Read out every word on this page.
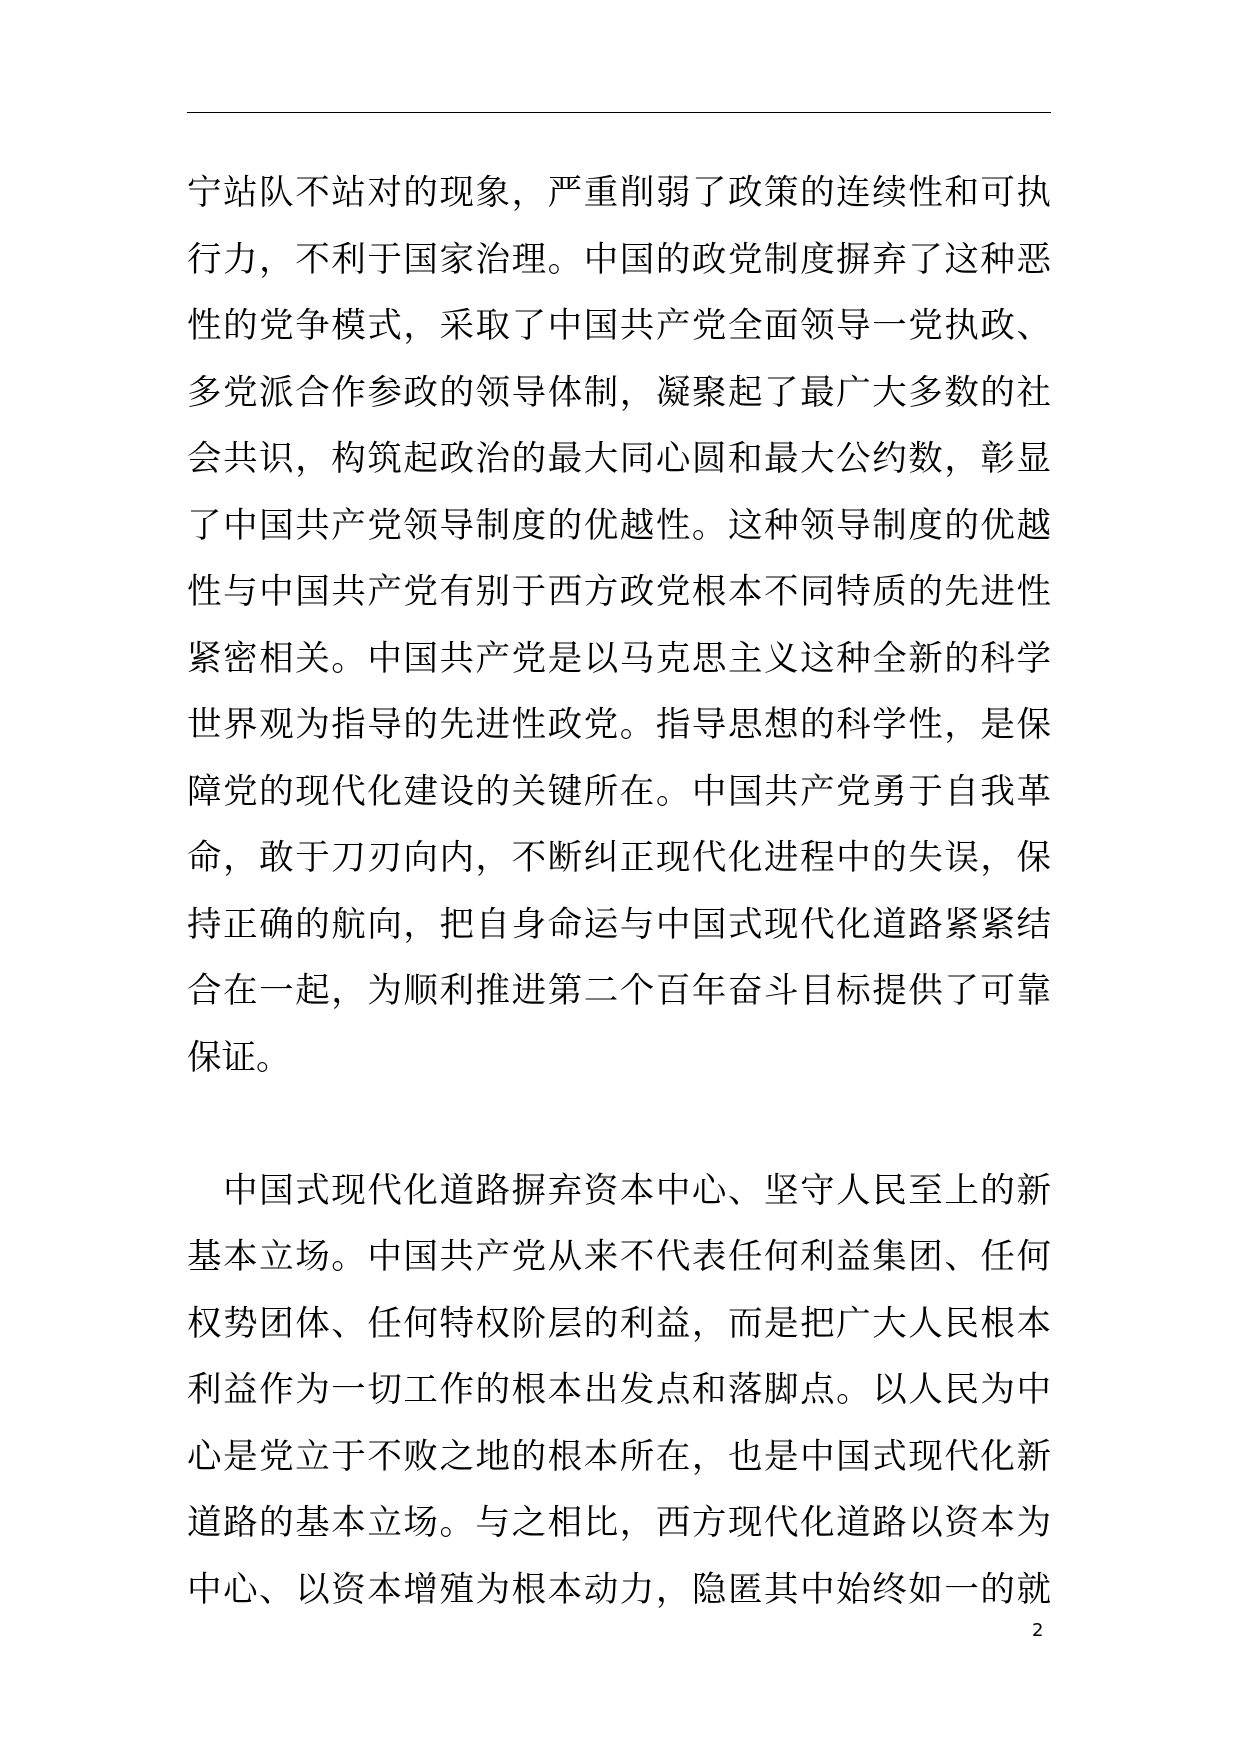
宁站队不站对的现象，严重削弱了政策的连续性和可执
行力，不利于国家治理。中国的政党制度摒弃了这种恶
性的党争模式，采取了中国共产党全面领导一党执政、
多党派合作参政的领导体制，凝聚起了最广大多数的社
会共识，构筑起政治的最大同心圆和最大公约数，彰显
了中国共产党领导制度的优越性。这种领导制度的优越
性与中国共产党有别于西方政党根本不同特质的先进性
紧密相关。中国共产党是以马克思主义这种全新的科学
世界观为指导的先进性政党。指导思想的科学性，是保
障党的现代化建设的关键所在。中国共产党勇于自我革
命，敢于刀刃向内，不断纠正现代化进程中的失误，保
持正确的航向，把自身命运与中国式现代化道路紧紧结
合在一起，为顺利推进第二个百年奋斗目标提供了可靠
保证。

　中国式现代化道路摒弃资本中心、坚守人民至上的新
基本立场。中国共产党从来不代表任何利益集团、任何
权势团体、任何特权阶层的利益，而是把广大人民根本
利益作为一切工作的根本出发点和落脚点。以人民为中
心是党立于不败之地的根本所在，也是中国式现代化新
道路的基本立场。与之相比，西方现代化道路以资本为
中心、以资本增殖为根本动力，隐匿其中始终如一的就

2
